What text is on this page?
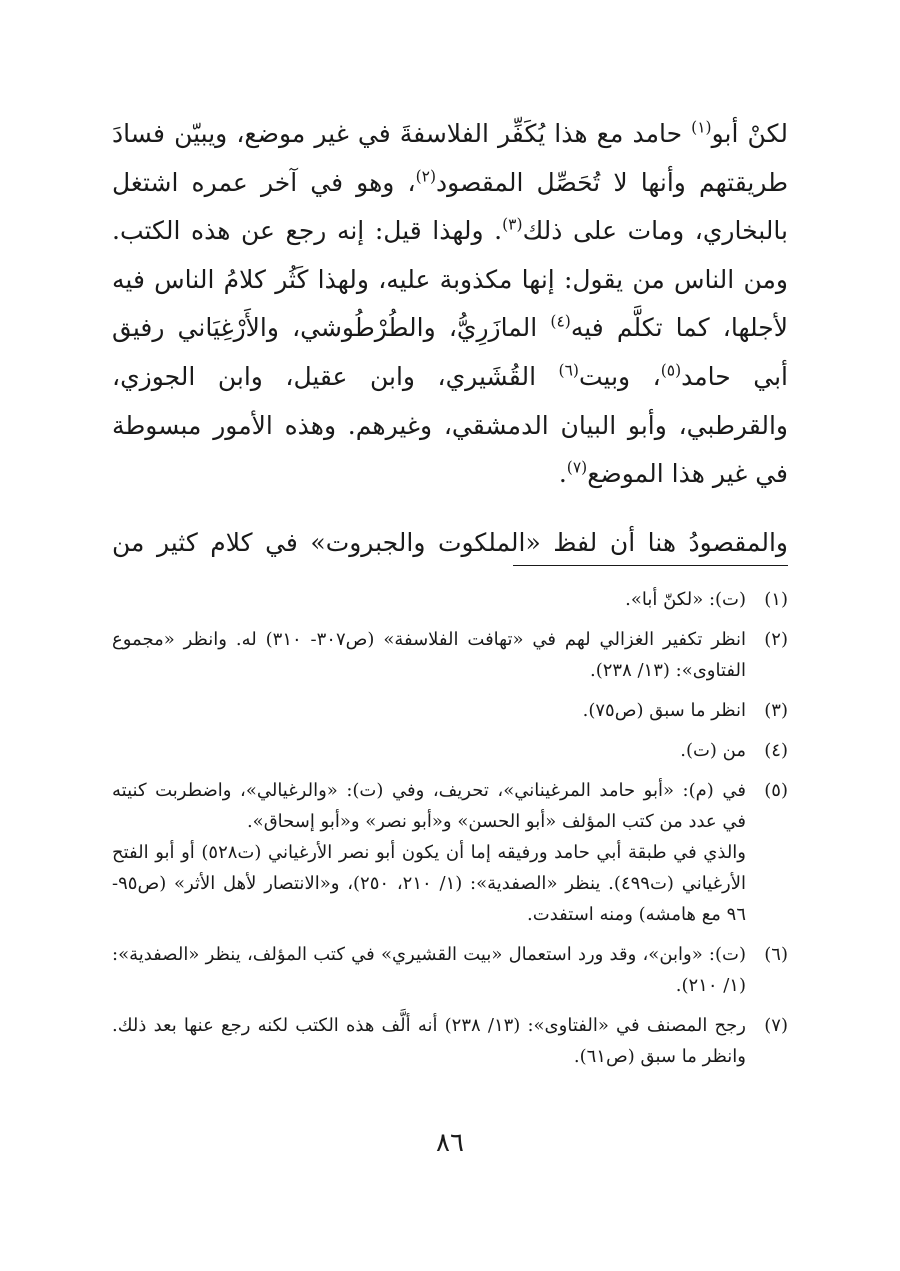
لكنْ أبو$^{(١)}$ حامد مع هذا يُكَفِّر الفلاسفةَ في غير موضع، ويبيّن فسادَ طريقتهم وأنها لا تُحَصِّل المقصود$^{(٢)}$، وهو في آخر عمره اشتغل بالبخاري، ومات على ذلك$^{(٣)}$. ولهذا قيل: إنه رجع عن هذه الكتب. ومن الناس من يقول: إنها مكذوبة عليه، ولهذا كَثُر كلامُ الناس فيه لأجلها، كما تكلَّم فيه$^{(٤)}$ المازَرِيُّ، والطُرْطُوشي، والأَرْغِيَاني رفيق أبي حامد$^{(٥)}$، وبيت$^{(٦)}$ القُشَيري، وابن عقيل، وابن الجوزي، والقرطبي، وأبو البيان الدمشقي، وغيرهم. وهذه الأمور مبسوطة في غير هذا الموضع$^{(٧)}$.

والمقصودُ هنا أن لفظ «الملكوت والجبروت» في كلام كثير من

(١)

(ت): «لكنّ أبا».

(٢)

انظر تكفير الغزالي لهم في «تهافت الفلاسفة» (ص٣٠٧- ٣١٠) له. وانظر «مجموع الفتاوى»: (١٣/ ٢٣٨).

(٣)

انظر ما سبق (ص٧٥).

(٤)

من (ت).

(٥)

في (م): «أبو حامد المرغيناني»، تحريف، وفي (ت): «والرغيالي»، واضطربت كنيته في عدد من كتب المؤلف «أبو الحسن» و«أبو نصر» و«أبو إسحاق».

والذي في طبقة أبي حامد ورفيقه إما أن يكون أبو نصر الأرغياني (ت٥٢٨) أو أبو الفتح الأرغياني (ت٤٩٩). ينظر «الصفدية»: (١/ ٢١٠، ٢٥٠)، و«الانتصار لأهل الأثر» (ص٩٥- ٩٦ مع هامشه) ومنه استفدت.

(٦)

(ت): «وابن»، وقد ورد استعمال «بيت القشيري» في كتب المؤلف، ينظر «الصفدية»: (١/ ٢١٠).

(٧)

رجح المصنف في «الفتاوى»: (١٣/ ٢٣٨) أنه ألَّف هذه الكتب لكنه رجع عنها بعد ذلك. وانظر ما سبق (ص٦١).

٨٦
